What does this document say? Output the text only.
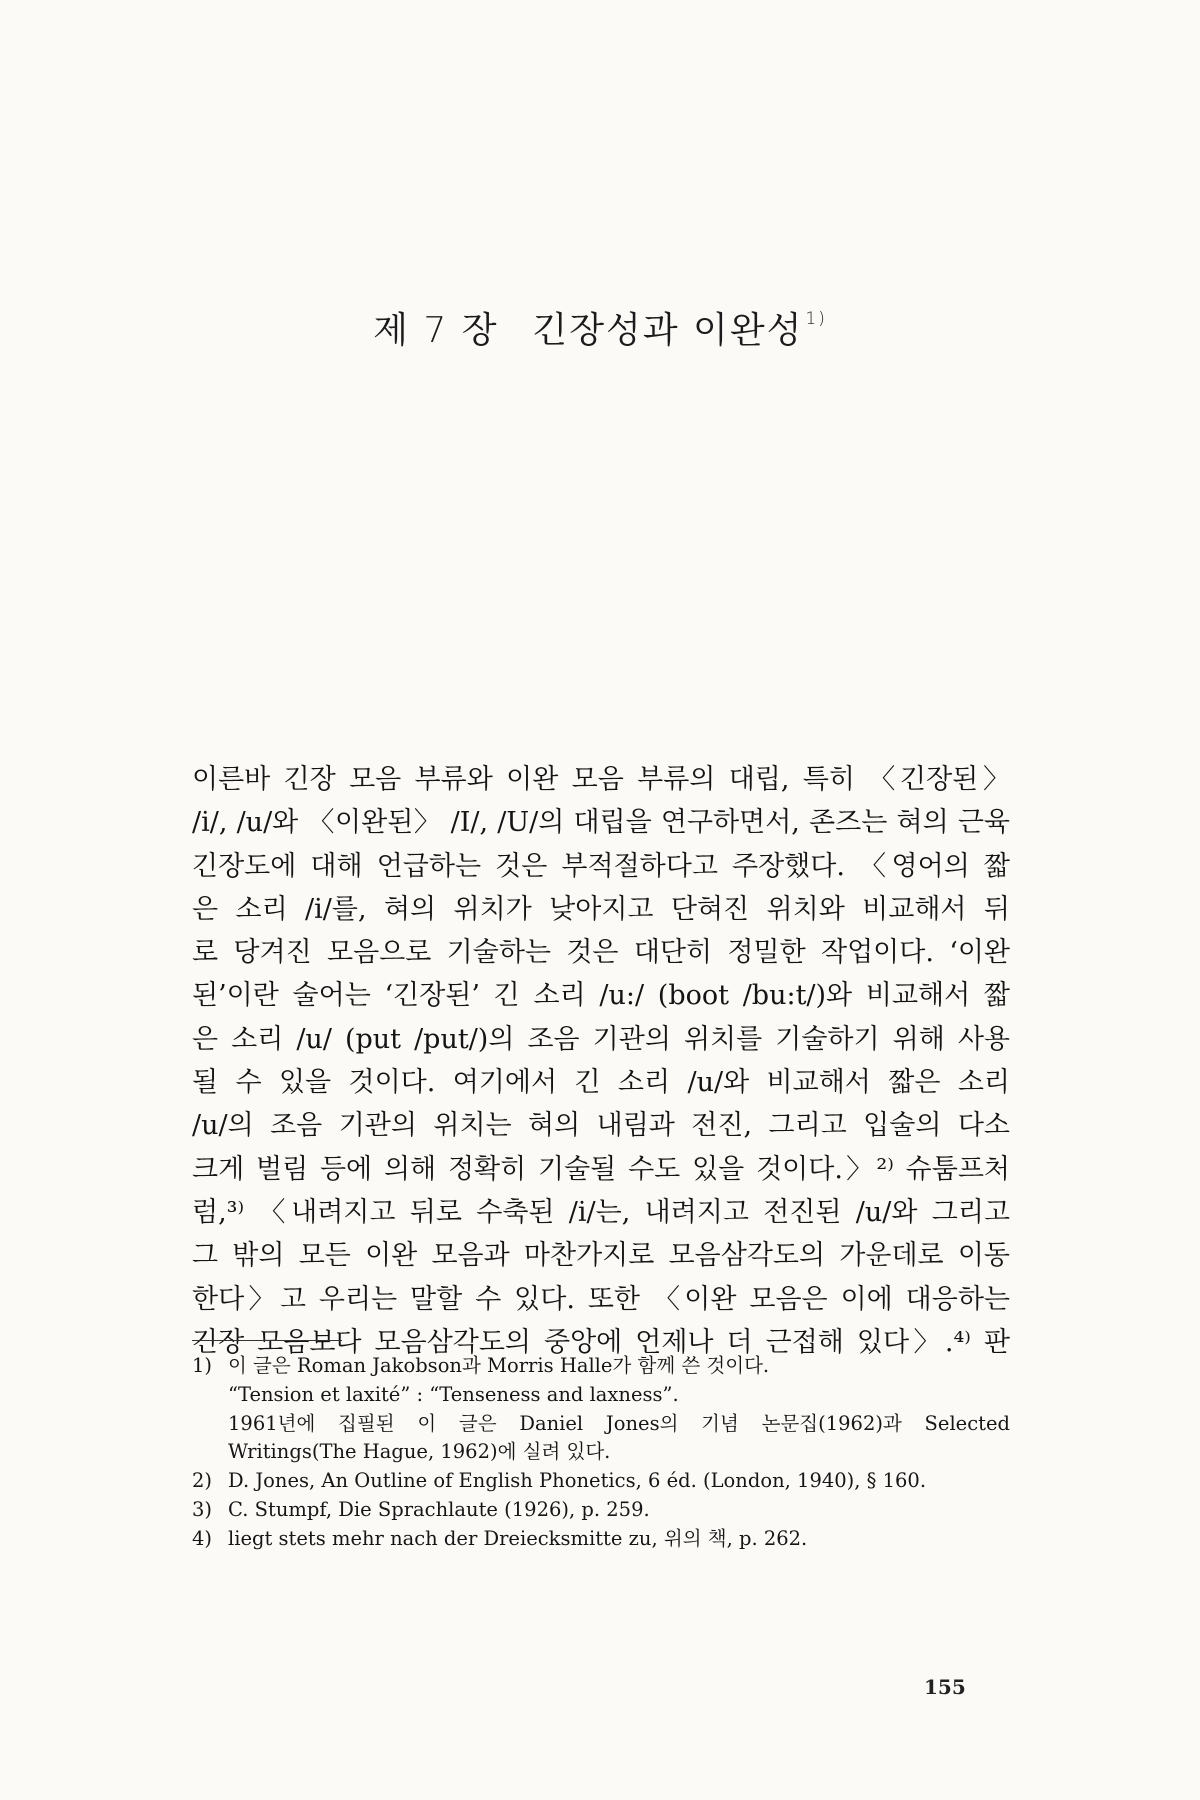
제 7 장 긴장성과 이완성 $^{1)}$
이른바 긴장 모음 부류와 이완 모음 부류의 대립, 특히 〈긴장된〉
/i/, /u/와 〈이완된〉 /I/, /U/의 대립을 연구하면서, 존즈는 혀의 근육
긴장도에 대해 언급하는 것은 부적절하다고 주장했다. 〈영어의 짧
은 소리 /i/를, 혀의 위치가 낮아지고 단혀진 위치와 비교해서 뒤
로 당겨진 모음으로 기술하는 것은 대단히 정밀한 작업이다. ‘이완
된’이란 술어는 ‘긴장된’ 긴 소리 /u:/ (boot /bu:t/)와 비교해서 짧
은 소리 /u/ (put /put/)의 조음 기관의 위치를 기술하기 위해 사용
될 수 있을 것이다. 여기에서 긴 소리 /u/와 비교해서 짧은 소리
/u/의 조음 기관의 위치는 혀의 내림과 전진, 그리고 입술의 다소
크게 벌림 등에 의해 정확히 기술될 수도 있을 것이다.〉²⁾ 슈툼프처
럼,³⁾ 〈내려지고 뒤로 수축된 /i/는, 내려지고 전진된 /u/와 그리고
그 밖의 모든 이완 모음과 마찬가지로 모음삼각도의 가운데로 이동
한다〉고 우리는 말할 수 있다. 또한 〈이완 모음은 이에 대응하는
긴장 모음보다 모음삼각도의 중앙에 언제나 더 근접해 있다〉.⁴⁾ 판
1) 이 글은 Roman Jakobson과 Morris Halle가 함께 쓴 것이다.
“Tension et laxité” : “Tenseness and laxness”.
1961년에 집필된 이 글은 Daniel Jones의 기념 논문집(1962)과 Selected
Writings(The Hague, 1962)에 실려 있다.
2) D. Jones, An Outline of English Phonetics, 6 éd. (London, 1940), § 160.
3) C. Stumpf, Die Sprachlaute (1926), p. 259.
4) liegt stets mehr nach der Dreiecksmitte zu, 위의 책, p. 262.
155
